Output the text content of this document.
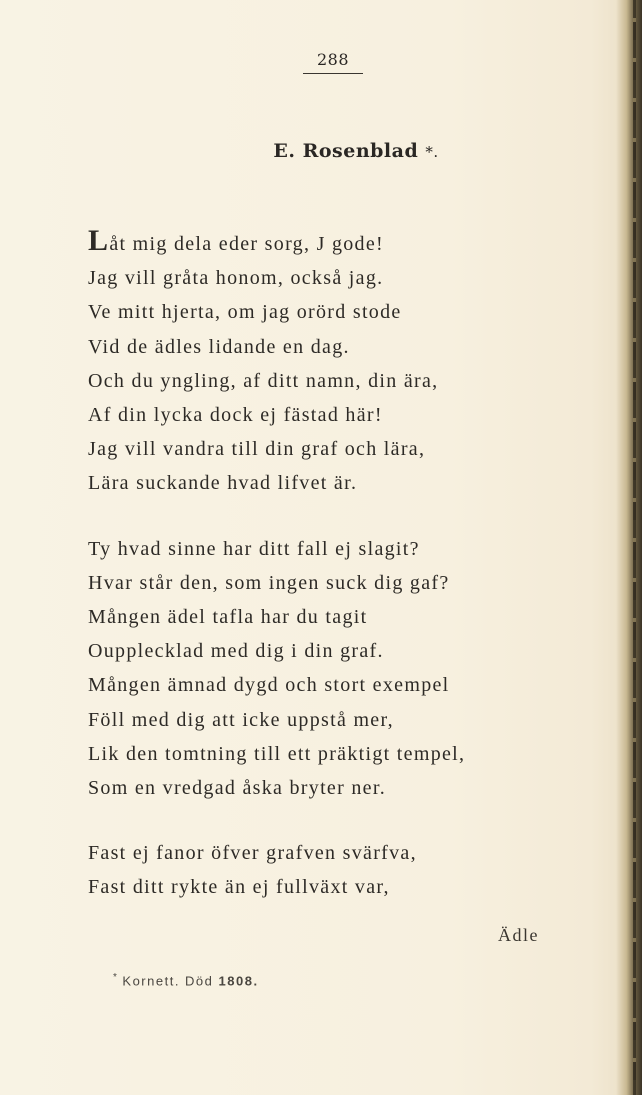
288
E. Rosenblad *.
Låt mig dela eder sorg, J gode!
Jag vill gråta honom, också jag.
Ve mitt hjerta, om jag orörd stode
Vid de ädles lidande en dag.
Och du yngling, af ditt namn, din ära,
Af din lycka dock ej fästad här!
Jag vill vandra till din graf och lära,
Lära suckande hvad lifvet är.
Ty hvad sinne har ditt fall ej slagit?
Hvar står den, som ingen suck dig gaf?
Mången ädel tafla har du tagit
Oupplecklad med dig i din graf.
Mången ämnad dygd och stort exempel
Föll med dig att icke uppstå mer,
Lik den tomtning till ett präktigt tempel,
Som en vredgad åska bryter ner.
Fast ej fanor öfver grafven svärfva,
Fast ditt rykte än ej fullväxt var,
Ädle
* Kornett. Död 1808.
